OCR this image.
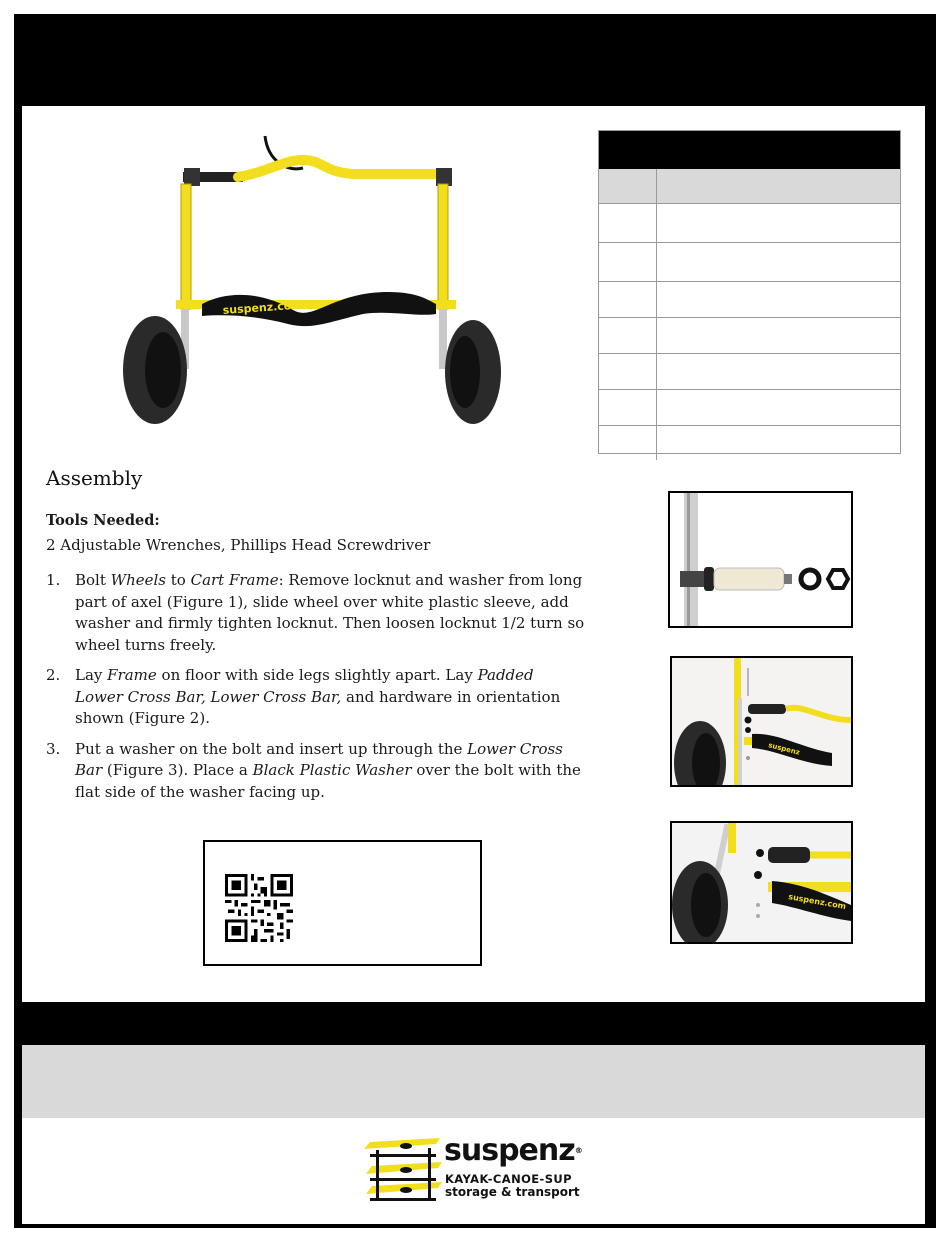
suspenz.com
Assembly
Tools Needed:
2 Adjustable Wrenches, Phillips Head Screwdriver
1. Bolt Wheels to Cart Frame: Remove locknut and washer from long part of axel (Figure 1), slide wheel over white plastic sleeve, add washer and firmly tighten locknut. Then loosen locknut 1/2 turn so wheel turns freely.
2. Lay Frame on floor with side legs slightly apart. Lay Padded Lower Cross Bar, Lower Cross Bar, and hardware in orientation shown (Figure 2).
3. Put a washer on the bolt and insert up through the Lower Cross Bar (Figure 3). Place a Black Plastic Washer over the bolt with the flat side of the washer facing up.
suspenz
suspenz.com
suspenz®
KAYAK-CANOE-SUP
storage & transport
